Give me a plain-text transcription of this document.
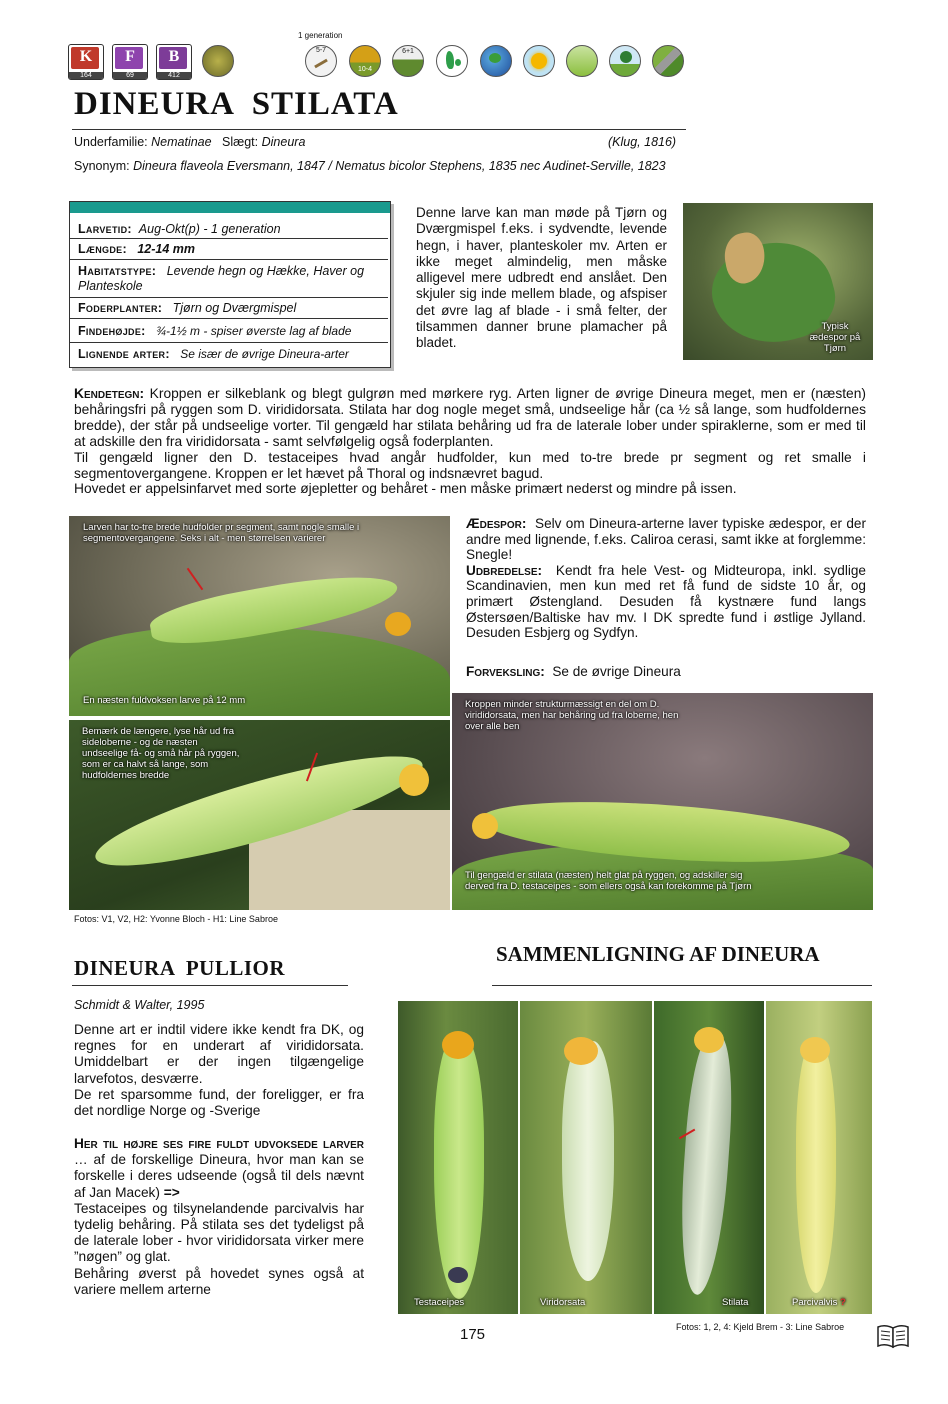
1 generation
K
164
F
69
B
412
5-7
10-4
6+1
DINEURA  STILATA
Underfamilie: Nematinae Slægt: Dineura	(Klug, 1816)
Synonym: Dineura flaveola Eversmann, 1847 / Nematus bicolor Stephens, 1835 nec Audinet-Serville, 1823
Larvetid: Aug-Okt(p) - 1 generation
Længde: 12-14 mm
Habitatstype: Levende hegn og Hække, Haver og Planteskole
Foderplanter: Tjørn og Dværgmispel
Findehøjde: ¾-1½ m - spiser øverste lag af blade
Lignende arter: Se især de øvrige Dineura-arter
Denne larve kan man møde på Tjørn og Dværgmispel f.eks. i sydvendte, levende hegn, i haver, planteskoler mv. Arten er ikke meget almindelig, men måske alligevel mere udbredt end anslået. Den skjuler sig inde mellem blade, og afspiser det øvre lag af blade - i små felter, der tilsammen danner brune plamacher på bladet.
Typisk ædespor på Tjørn
Kendetegn: Kroppen er silkeblank og blegt gulgrøn med mørkere ryg. Arten ligner de øvrige Dineura meget, men er (næsten) behåringsfri på ryggen som D. virididorsata. Stilata har dog nogle meget små, undseelige hår (ca ½ så lange, som hudfoldernes bredde), der står på undseelige vorter. Til gengæld har stilata behåring ud fra de laterale lober under spiraklerne, som er med til at adskille den fra virididorsata - samt selvfølgelig også foderplanten.
Til gengæld ligner den D. testaceipes hvad angår hudfolder, kun med to-tre brede pr segment og ret smalle i segmentovergangene. Kroppen er let hævet på Thoral og indsnævret bagud.
Hovedet er appelsinfarvet med sorte øjepletter og behåret - men måske primært nederst og mindre på issen.
Larven har to-tre brede hudfolder pr segment, samt nogle smalle i segmentovergangene. Seks i alt - men størrelsen varierer
En næsten fuldvoksen larve på 12 mm
Bemærk de længere, lyse hår ud fra sideloberne - og de næsten undseelige få- og små hår på ryggen, som er ca halvt så lange, som hudfoldernes bredde
Kroppen minder strukturmæssigt en del om D. virididorsata, men har behåring ud fra loberne, hen over alle ben
Til gengæld er stilata (næsten) helt glat på ryggen, og adskiller sig derved fra D. testaceipes - som ellers også kan forekomme på Tjørn
Fotos: V1, V2, H2: Yvonne Bloch - H1: Line Sabroe
Ædespor: Selv om Dineura-arterne laver typiske ædespor, er der andre med lignende, f.eks. Caliroa cerasi, samt ikke at forglemme: Snegle!
Udbredelse: Kendt fra hele Vest- og Midteuropa, inkl. sydlige Scandinavien, men kun med ret få fund de sidste 10 år, og primært Østengland. Desuden få kystnære fund langs Østersøen/Baltiske hav mv. I DK spredte fund i østlige Jylland. Desuden Esbjerg og Sydfyn.
Forveksling: Se de øvrige Dineura
DINEURA  PULLIOR
Schmidt & Walter, 1995
Denne art er indtil videre ikke kendt fra DK, og regnes for en underart af virididorsata. Umiddelbart er der ingen tilgængelige larvefotos, desværre.
De ret sparsomme fund, der foreligger, er fra det nordlige Norge og -Sverige
Her til højre ses fire fuldt udvoksede larver … af de forskellige Dineura, hvor man kan se forskelle i deres udseende (også til dels nævnt af Jan Macek) =>
Testaceipes og tilsynelandende parcivalvis har tydelig behåring. På stilata ses det tydeligst på de laterale lober - hvor virididorsata virker mere ”nøgen” og glat.
Behåring øverst på hovedet synes også at variere mellem arterne
SAMMENLIGNING AF DINEURA
Testaceipes	Viridorsata	Stilata	Parcivalvis ?
Fotos: 1, 2, 4: Kjeld Brem - 3: Line Sabroe
175
